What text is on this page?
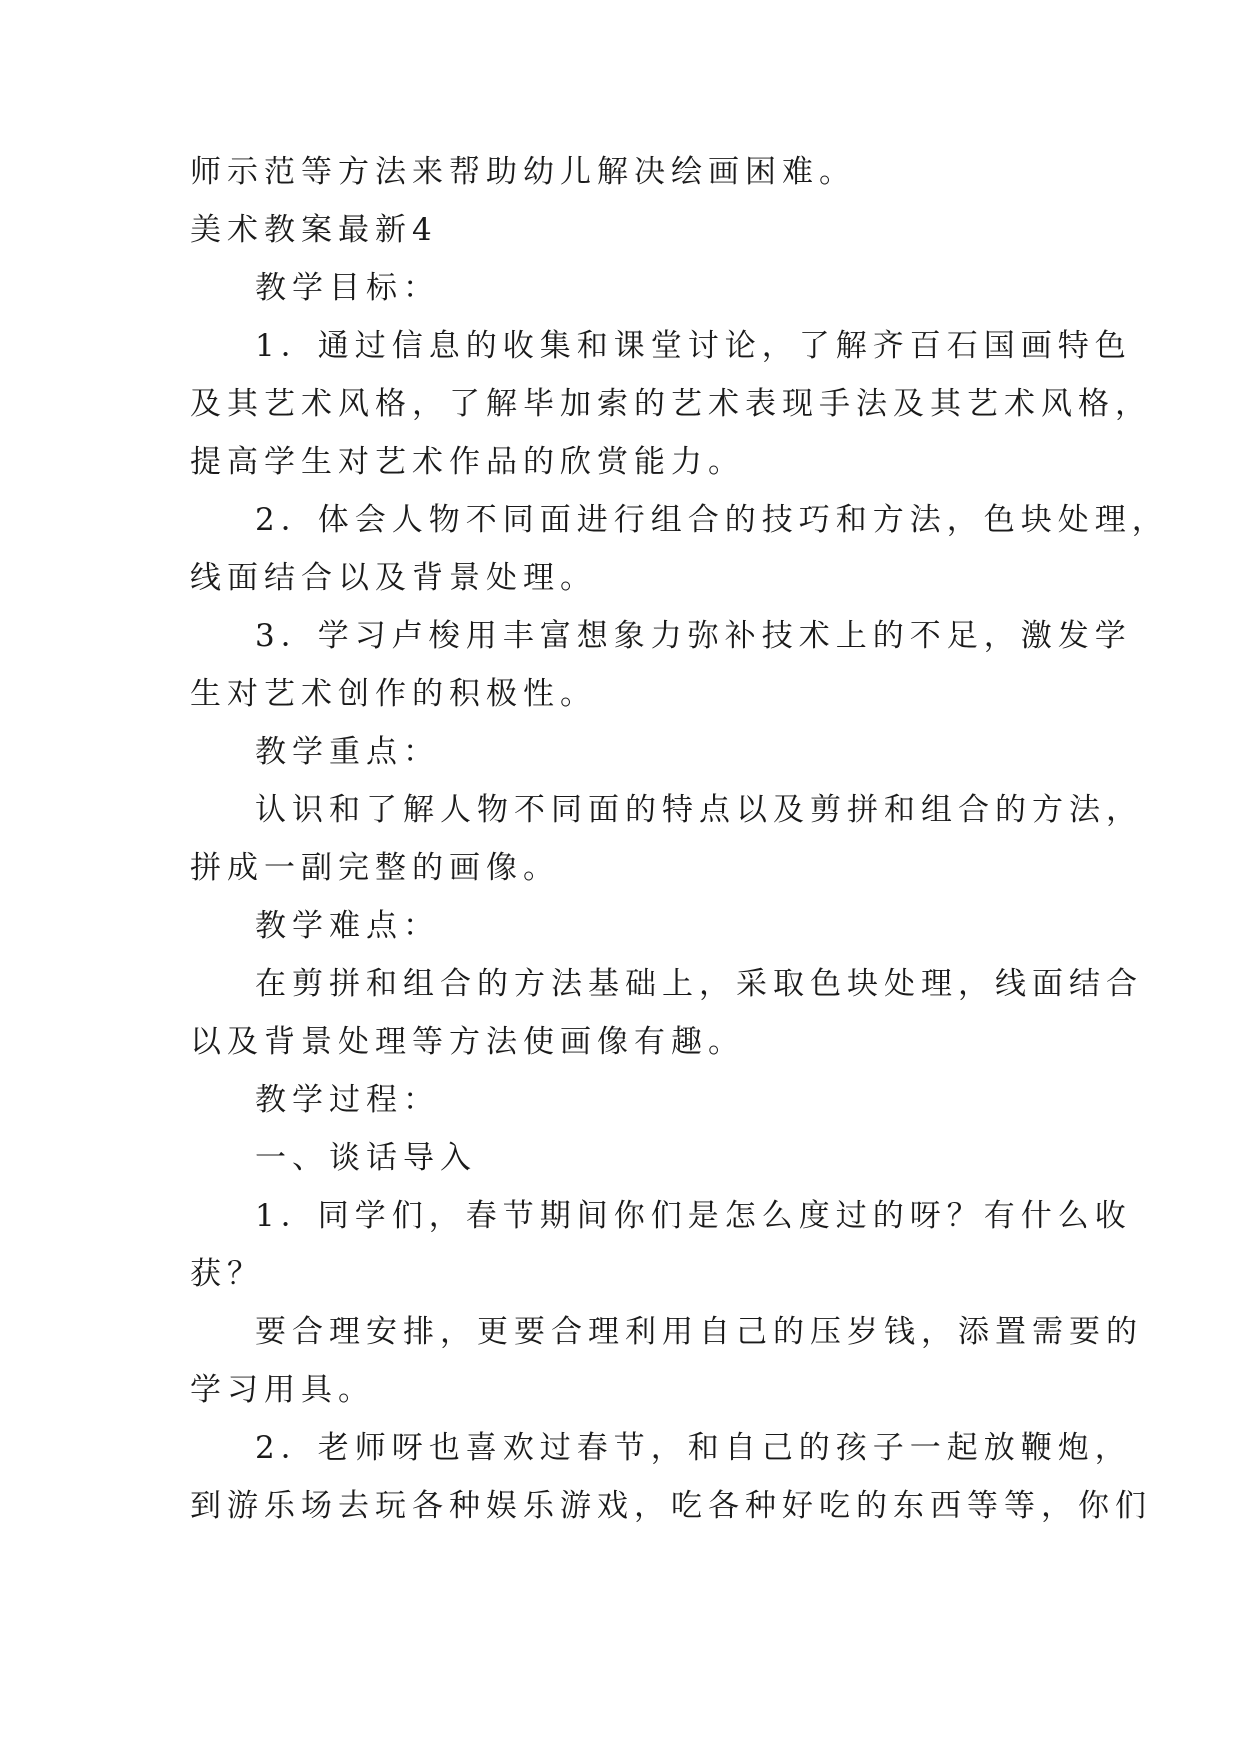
师示范等方法来帮助幼儿解决绘画困难。
美术教案最新4
教学目标：
1．通过信息的收集和课堂讨论，了解齐百石国画特色
及其艺术风格，了解毕加索的艺术表现手法及其艺术风格，
提高学生对艺术作品的欣赏能力。
2．体会人物不同面进行组合的技巧和方法，色块处理，
线面结合以及背景处理。
3．学习卢梭用丰富想象力弥补技术上的不足，激发学
生对艺术创作的积极性。
教学重点：
认识和了解人物不同面的特点以及剪拼和组合的方法，
拼成一副完整的画像。
教学难点：
在剪拼和组合的方法基础上，采取色块处理，线面结合
以及背景处理等方法使画像有趣。
教学过程：
一、谈话导入
1．同学们，春节期间你们是怎么度过的呀？有什么收
获？
要合理安排，更要合理利用自己的压岁钱，添置需要的
学习用具。
2．老师呀也喜欢过春节，和自己的孩子一起放鞭炮，
到游乐场去玩各种娱乐游戏，吃各种好吃的东西等等，你们
